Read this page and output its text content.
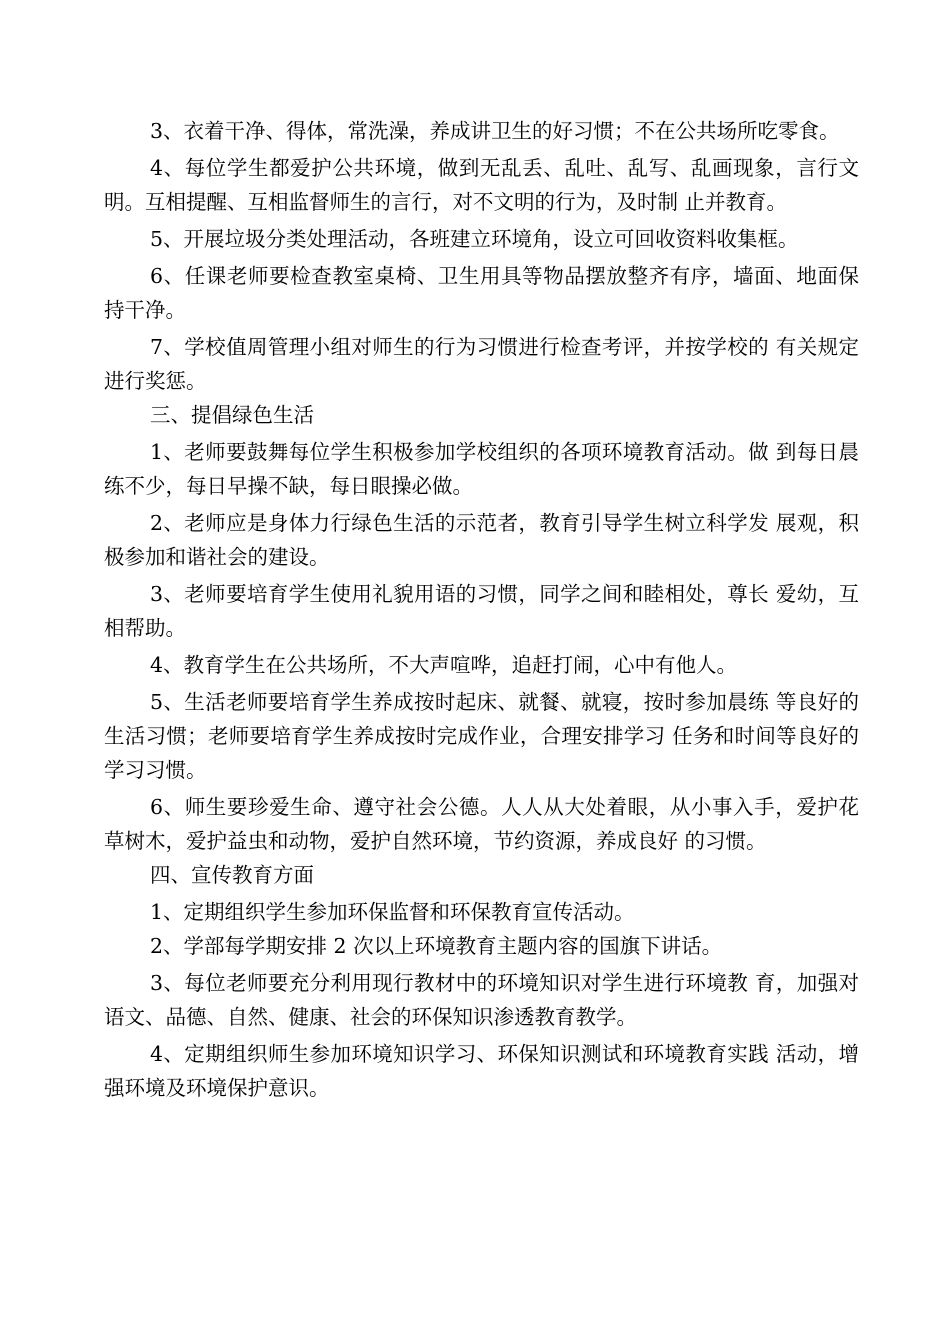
3、衣着干净、得体，常洗澡，养成讲卫生的好习惯；不在公共场所吃零食。

4、每位学生都爱护公共环境，做到无乱丢、乱吐、乱写、乱画现象，言行文明。互相提醒、互相监督师生的言行，对不文明的行为，及时制 止并教育。

5、开展垃圾分类处理活动，各班建立环境角，设立可回收资料收集框。

6、任课老师要检查教室桌椅、卫生用具等物品摆放整齐有序，墙面、地面保持干净。

7、学校值周管理小组对师生的行为习惯进行检查考评，并按学校的 有关规定进行奖惩。

三、提倡绿色生活

1、老师要鼓舞每位学生积极参加学校组织的各项环境教育活动。做 到每日晨练不少，每日早操不缺，每日眼操必做。

2、老师应是身体力行绿色生活的示范者，教育引导学生树立科学发 展观，积极参加和谐社会的建设。

3、老师要培育学生使用礼貌用语的习惯，同学之间和睦相处，尊长 爱幼，互相帮助。

4、教育学生在公共场所，不大声喧哗，追赶打闹，心中有他人。

5、生活老师要培育学生养成按时起床、就餐、就寝，按时参加晨练 等良好的生活习惯；老师要培育学生养成按时完成作业，合理安排学习 任务和时间等良好的学习习惯。

6、师生要珍爱生命、遵守社会公德。人人从大处着眼，从小事入手，爱护花草树木，爱护益虫和动物，爱护自然环境，节约资源，养成良好 的习惯。

四、宣传教育方面

1、定期组织学生参加环保监督和环保教育宣传活动。

2、学部每学期安排 2 次以上环境教育主题内容的国旗下讲话。

3、每位老师要充分利用现行教材中的环境知识对学生进行环境教 育，加强对语文、品德、自然、健康、社会的环保知识渗透教育教学。

4、定期组织师生参加环境知识学习、环保知识测试和环境教育实践 活动，增强环境及环境保护意识。
